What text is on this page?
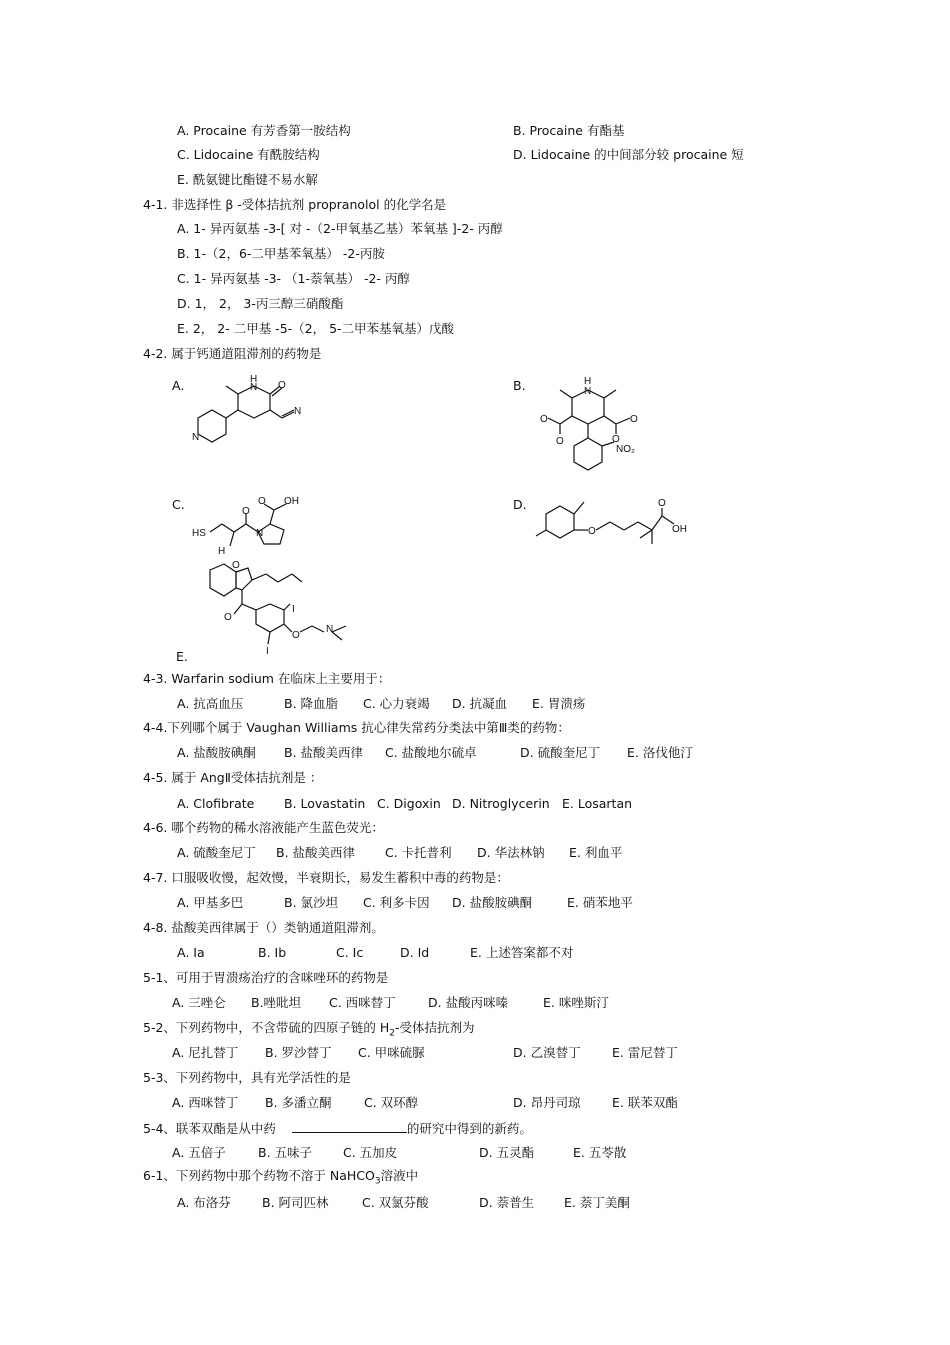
A. Procaine 有芳香第一胺结构	B. Procaine 有酯基
C. Lidocaine 有酰胺结构	D. Lidocaine 的中间部分较 procaine 短
E. 酰氨键比酯键不易水解
4-1. 非选择性 β -受体拮抗剂 propranolol 的化学名是
A. 1- 异丙氨基 -3-[ 对 -（2-甲氧基乙基）苯氧基 ]-2- 丙醇
B. 1-（2，6-二甲基苯氧基） -2-丙胺
C. 1- 异丙氨基 -3- （1-萘氧基） -2- 丙醇
D. 1， 2， 3-丙三醇三硝酸酯
E. 2， 2- 二甲基 -5-（2， 5-二甲苯基氧基）戊酸
4-2. 属于钙通道阻滞剂的药物是
A.	B.
C.	D.
E.
H
N O
N
N
H
N
O
O
O
O
NO₂
O OH
O
HS
H
N	O
O
OH
O
O
I
I
O
N
4-3. Warfarin sodium 在临床上主要用于：
A. 抗高血压	B. 降血脂 C. 心力衰竭 D. 抗凝血 E. 胃溃疡
4-4.下列哪个属于 Vaughan Williams 抗心律失常药分类法中第Ⅲ类的药物：
A. 盐酸胺碘酮 B. 盐酸美西律 C. 盐酸地尔硫卓	D. 硫酸奎尼丁 E. 洛伐他汀
4-5. 属于 AngⅡ受体拮抗剂是 ：
A. Clofibrate B. Lovastatin C. Digoxin D. Nitroglycerin E. Losartan
4-6. 哪个药物的稀水溶液能产生蓝色荧光：
A. 硫酸奎尼丁 B. 盐酸美西律 C. 卡托普利 D. 华法林钠 E. 利血平
4-7. 口服吸收慢，起效慢，半衰期长，易发生蓄积中毒的药物是：
A. 甲基多巴	B. 氯沙坦 C. 利多卡因 D. 盐酸胺碘酮	E. 硝苯地平
4-8. 盐酸美西律属于（）类钠通道阻滞剂。
A. Ⅰa	B. Ⅰb	C. Ⅰc	D. Ⅰd	E. 上述答案都不对
5-1、可用于胃溃疡治疗的含咪唑环的药物是
A. 三唑仑 B.唑吡坦 C. 西咪替丁	D. 盐酸丙咪嗪	E. 咪唑斯汀
5-2、下列药物中，不含带硫的四原子链的 $H_2-$受体拮抗剂为
A. 尼扎替丁 B. 罗沙替丁 C. 甲咪硫脲	D. 乙溴替丁	E. 雷尼替丁
5-3、下列药物中，具有光学活性的是
A. 西咪替丁 B. 多潘立酮	C. 双环醇	D. 昂丹司琼	E. 联苯双酯
5-4、联苯双酯是从中药	的研究中得到的新药。
A. 五倍子	B. 五味子 C. 五加皮	D. 五灵酯	E. 五苓散
6-1、下列药物中那个药物不溶于 NaHCO$_3$溶液中
A. 布洛芬 B. 阿司匹林	C. 双氯芬酸	D. 萘普生 E. 萘丁美酮
